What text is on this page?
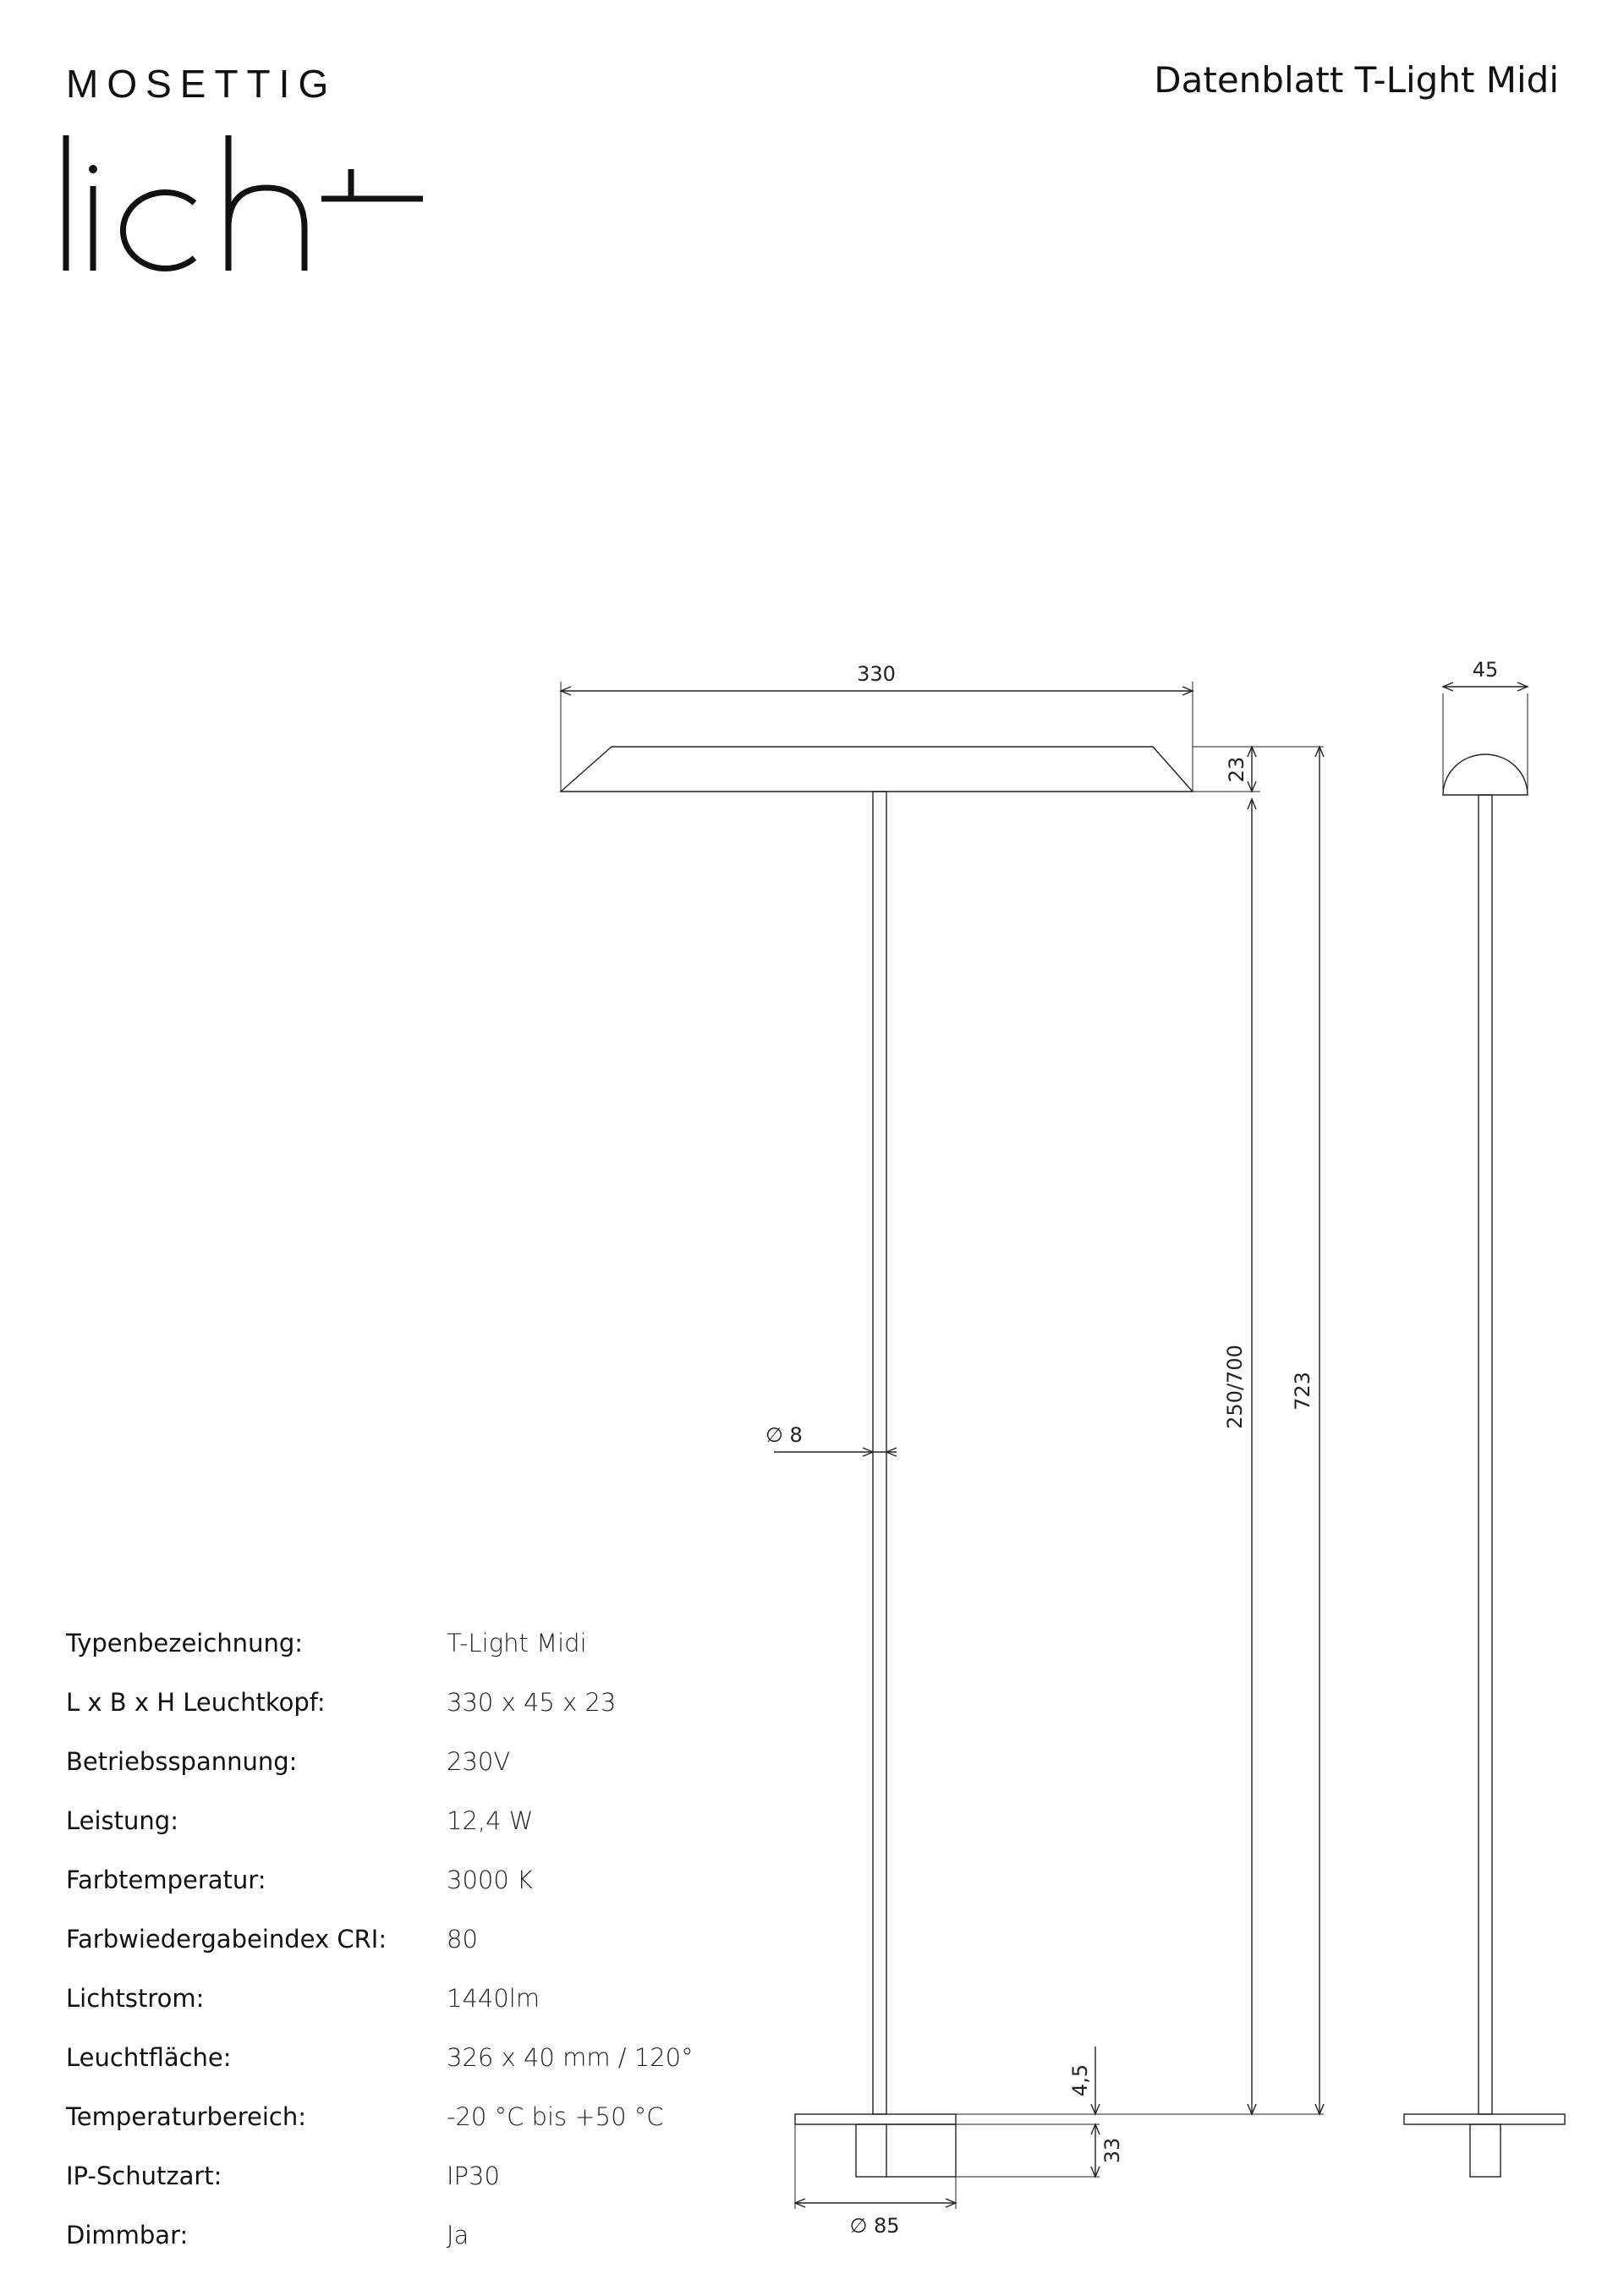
MOSETTIG	Datenblatt T-Light Midi
330	45
23
250/700 723
∅ 8
4,5
33
∅ 85
Typenbezeichnung:	T-Light Midi
L x B x H Leuchtkopf:	330 x 45 x 23
Betriebsspannung:	230V
Leistung:	12,4 W
Farbtemperatur:	3000 K
Farbwiedergabeindex CRI: 80
Lichtstrom:	1440lm
Leuchtfläche:	326 x 40 mm / 120°
Temperaturbereich:	-20 °C bis +50 °C
IP-Schutzart:	IP30
Dimmbar:	Ja
